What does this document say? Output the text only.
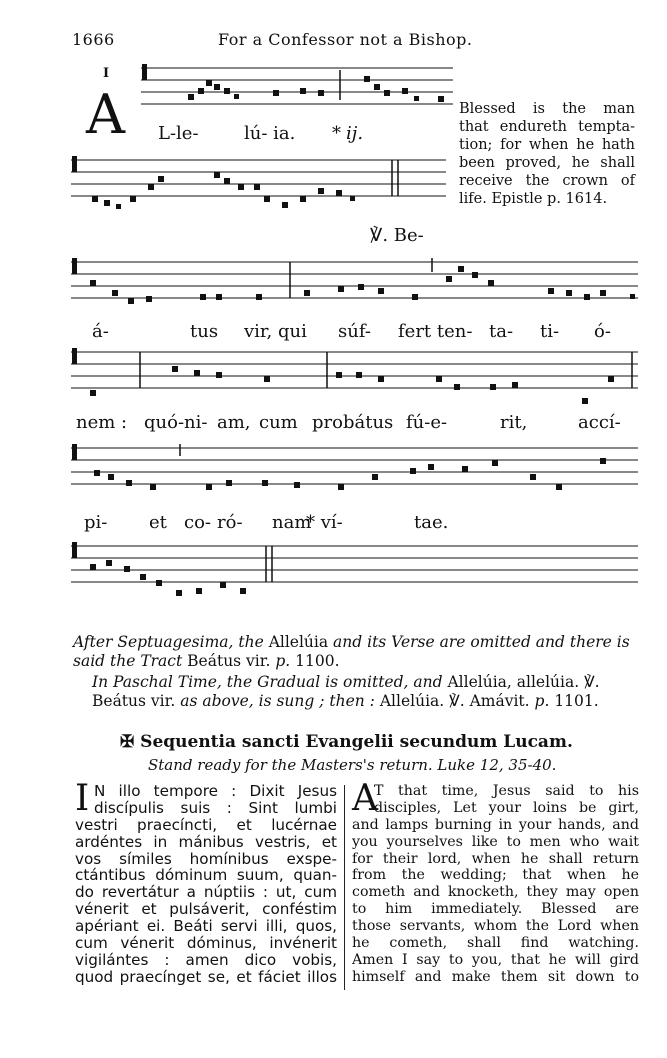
1666	For a Confessor not a Bishop.
I
A L-le-	lú- ia. * ij.
℣. Be-
á-	tus vir, qui súf- fert ten- ta- ti- ó-
nem : quó-ni- am, cum probátus fú-e-	rit,	accí-
pi- et co- ró- nam
* ví-	tae.
Blessed is the man
that endureth tempta-
tion; for when he hath
been proved, he shall
receive the crown of
life. Epistle p. 1614.
After Septuagesima, the Allelúia and its Verse are omitted and there is said the Tract Beátus vir. p. 1100.
In Paschal Time, the Gradual is omitted, and Allelúia, allelúia. ℣. Beátus vir. as above, is sung ; then : Allelúia. ℣. Amávit. p. 1101.
✠ Sequentia sancti Evangelii secundum Lucam.
Stand ready for the Masters's return. Luke 12, 35-40.
I N illo tempore : Dixit Jesus
discípulis suis : Sint lumbi
vestri praecíncti, et lucérnae
ardéntes in mánibus vestris, et
vos símiles homínibus exspe-
ctántibus dóminum suum, quan-
do revertátur a núptiis : ut, cum
vénerit et pulsáverit, conféstim
apériant ei. Beáti servi illi, quos,
cum vénerit dóminus, invénerit
vigilántes : amen dico vobis,
quod praecínget se, et fáciet illos
A
T that time, Jesus said to his
disciples, Let your loins be girt,
and lamps burning in your hands, and
you yourselves like to men who wait
for their lord, when he shall return
from the wedding; that when he
cometh and knocketh, they may open
to him immediately. Blessed are
those servants, whom the Lord when
he cometh, shall find watching.
Amen I say to you, that he will gird
himself and make them sit down to
